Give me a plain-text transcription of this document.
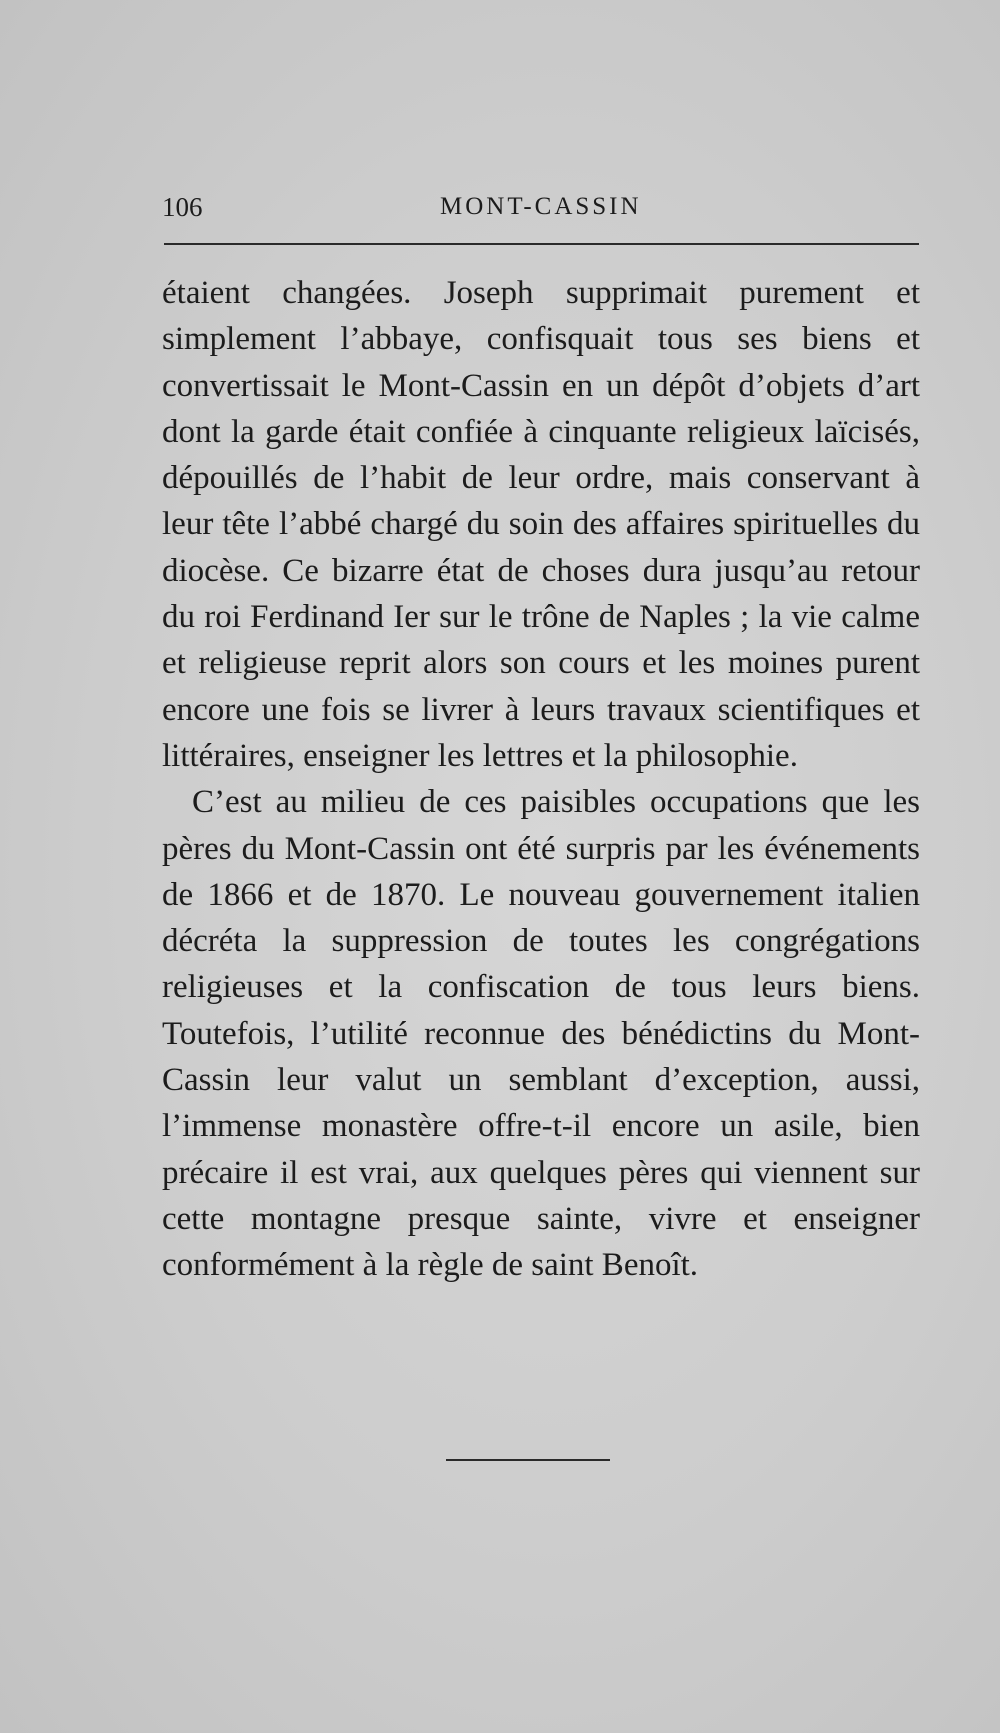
106	MONT-CASSIN

étaient changées. Joseph supprimait purement et simplement l’abbaye, confisquait tous ses biens et convertissait le Mont-Cassin en un dépôt d’objets d’art dont la garde était confiée à cinquante religieux laïcisés, dépouillés de l’habit de leur ordre, mais conservant à leur tête l’abbé chargé du soin des affaires spirituelles du diocèse. Ce bizarre état de choses dura jusqu’au retour du roi Ferdinand Ier sur le trône de Naples ; la vie calme et religieuse reprit alors son cours et les moines purent encore une fois se livrer à leurs travaux scientifiques et littéraires, enseigner les lettres et la philosophie.

C’est au milieu de ces paisibles occupations que les pères du Mont-Cassin ont été surpris par les événements de 1866 et de 1870. Le nouveau gouvernement italien décréta la suppression de toutes les congrégations religieuses et la confiscation de tous leurs biens. Toutefois, l’utilité reconnue des bénédictins du Mont-Cassin leur valut un semblant d’exception, aussi, l’immense monastère offre-t-il encore un asile, bien précaire il est vrai, aux quelques pères qui viennent sur cette montagne presque sainte, vivre et enseigner conformément à la règle de saint Benoît.
